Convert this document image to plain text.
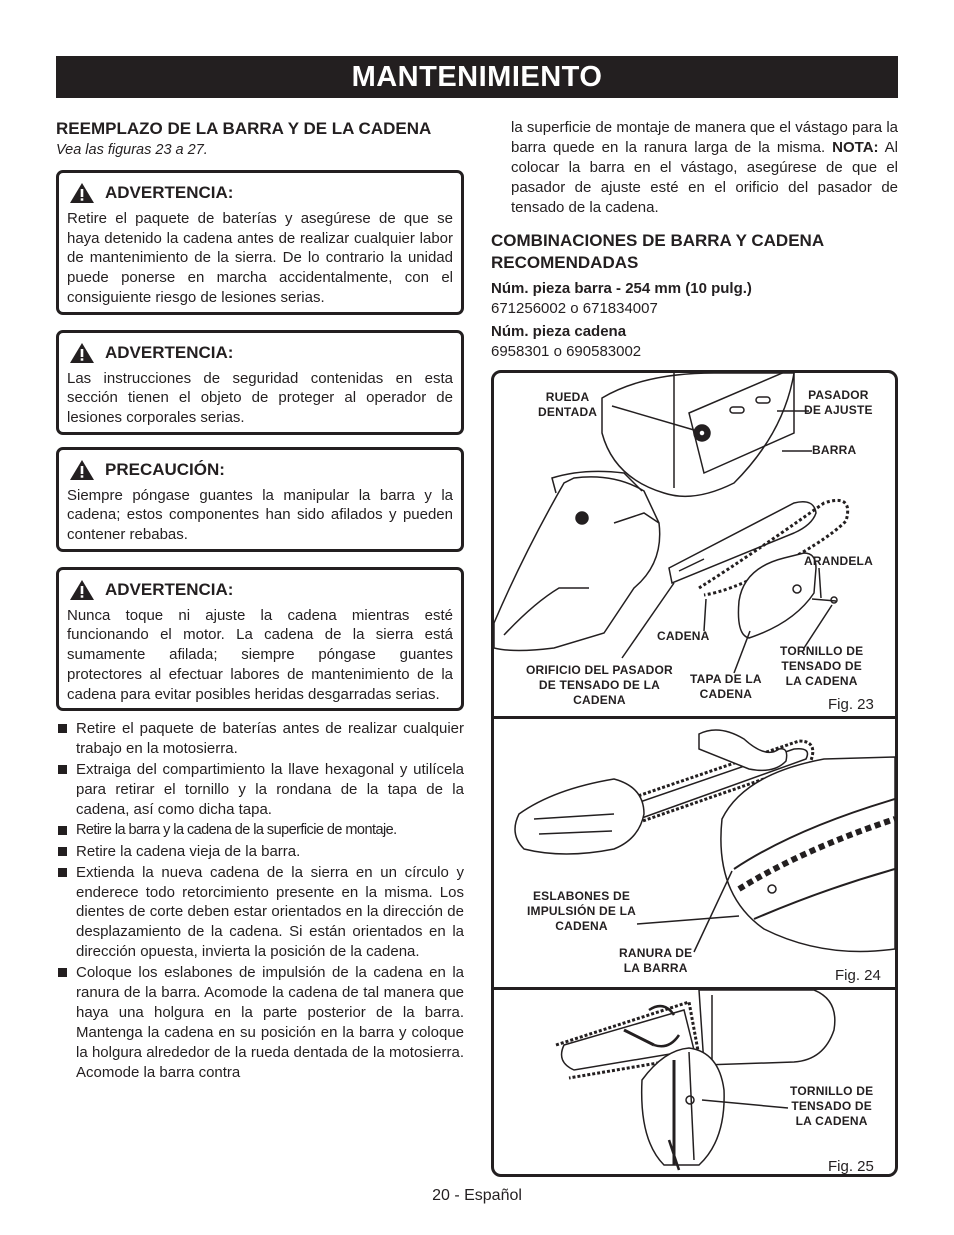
MANTENIMIENTO

REEMPLAZO DE LA BARRA Y DE LA CADENA

Vea las figuras 23 a 27.
ADVERTENCIA:
Retire el paquete de baterías y asegúrese de que se haya detenido la cadena antes de realizar cualquier labor de mantenimiento de la sierra. De lo contrario la unidad puede ponerse en marcha accidentalmente, con el consiguiente riesgo de lesiones serias.
ADVERTENCIA:
Las instrucciones de seguridad contenidas en esta sección tienen el objeto de proteger al operador de lesiones corporales serias.
PRECAUCIÓN:
Siempre póngase guantes la manipular la barra y la cadena; estos componentes han sido afilados y pueden contener rebabas.
ADVERTENCIA:
Nunca toque ni ajuste la cadena mientras esté funcionando el motor. La cadena de la sierra está sumamente afilada; siempre póngase guantes protectores al efectuar labores de mantenimiento de la cadena para evitar posibles heridas desgarradas serias.
Retire el paquete de baterías antes de realizar cualquier trabajo en la motosierra.
Extraiga del compartimiento la llave hexagonal y utilícela para retirar el tornillo y la rondana de la tapa de la cadena, así como dicha tapa.
Retire la barra y la cadena de la superficie de montaje.
Retire la cadena vieja de la barra.
Extienda la nueva cadena de la sierra en un círculo y enderece todo retorcimiento presente en la misma. Los dientes de corte deben estar orientados en la dirección de desplazamiento de la cadena. Si están orientados en la dirección opuesta, invierta la posición de la cadena.
Coloque los eslabones de impulsión de la cadena en la ranura de la barra. Acomode la cadena de tal manera que haya una holgura en la parte posterior de la barra. Mantenga la cadena en su posición en la barra y coloque la holgura alrededor de la rueda dentada de la motosierra. Acomode la barra contra
la superficie de montaje de manera que el vástago para la barra quede en la ranura larga de la misma. NOTA: Al colocar la barra en el vástago, asegúrese de que el pasador de ajuste esté en el orificio del pasador de tensado de la cadena.

COMBINACIONES DE BARRA Y CADENA RECOMENDADAS

Núm. pieza barra - 254 mm (10 pulg.)
671256002 o 671834007
Núm. pieza cadena
6958301 o 690583002
RUEDA
DENTADA
PASADOR
DE AJUSTE
BARRA
ARANDELA
CADENA
ORIFICIO DEL PASADOR
DE TENSADO DE LA
CADENA
TAPA DE LA
CADENA
TORNILLO DE
TENSADO DE
LA CADENA
Fig. 23
ESLABONES DE
IMPULSIÓN DE LA
CADENA
RANURA DE
LA BARRA	Fig. 24
TORNILLO DE
TENSADO DE
LA CADENA
Fig. 25
20 - Español
